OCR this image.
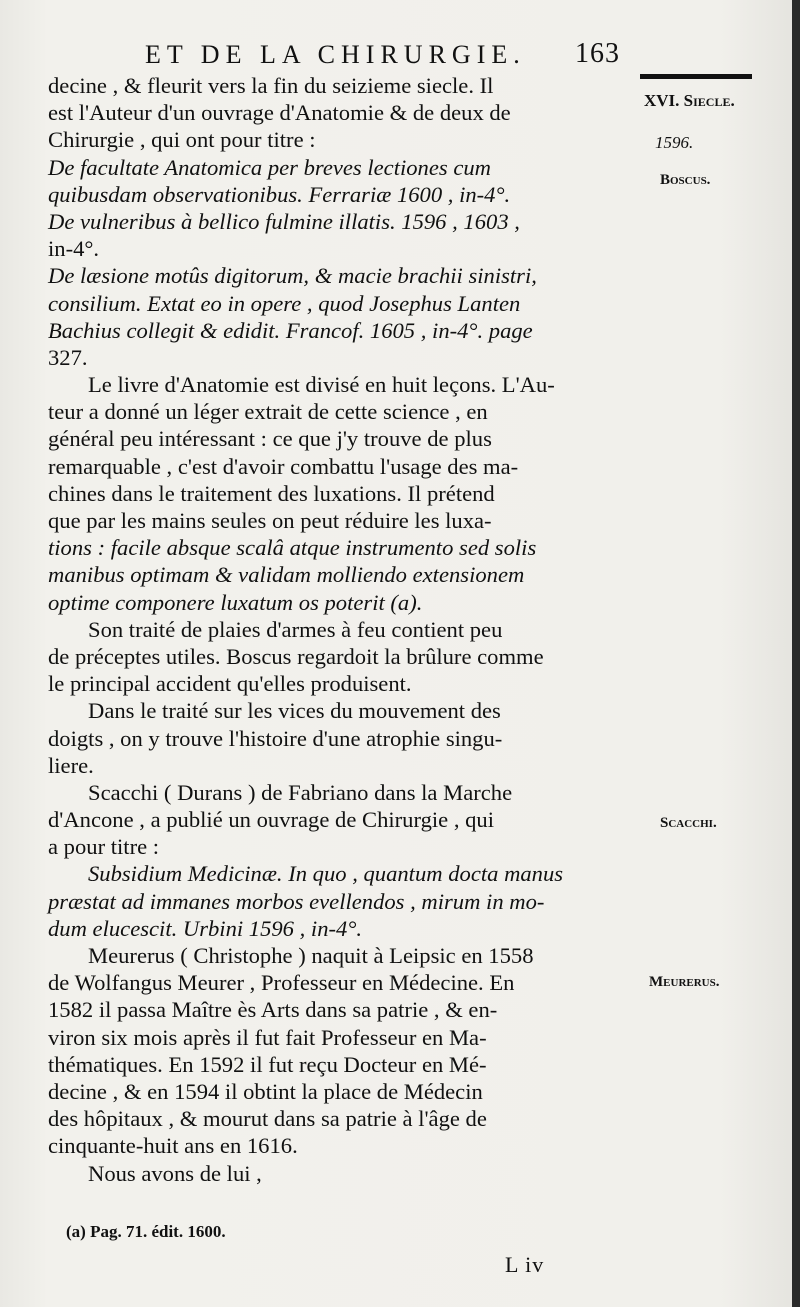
ET DE LA CHIRURGIE. 163
XVI. Siecle.
1596.
Boscus.
Scacchi.
Meurerus.
decine , & fleurit vers la fin du seizieme siecle. Il
est l'Auteur d'un ouvrage d'Anatomie & de deux de
Chirurgie , qui ont pour titre :
De facultate Anatomica per breves lectiones cum
quibusdam observationibus. Ferrariæ 1600 , in-4°.
De vulneribus à bellico fulmine illatis. 1596 , 1603 ,
in-4°.
De læsione motûs digitorum, & macie brachii sinistri,
consilium. Extat eo in opere , quod Josephus Lanten
Bachius collegit & edidit. Francof. 1605 , in-4°. page
327.
Le livre d'Anatomie est divisé en huit leçons. L'Au-
teur a donné un léger extrait de cette science , en
général peu intéressant : ce que j'y trouve de plus
remarquable , c'est d'avoir combattu l'usage des ma-
chines dans le traitement des luxations. Il prétend
que par les mains seules on peut réduire les luxa-
tions : facile absque scalâ atque instrumento sed solis
manibus optimam & validam molliendo extensionem
optime componere luxatum os poterit (a).
Son traité de plaies d'armes à feu contient peu
de préceptes utiles. Boscus regardoit la brûlure comme
le principal accident qu'elles produisent.
Dans le traité sur les vices du mouvement des
doigts , on y trouve l'histoire d'une atrophie singu-
liere.
Scacchi ( Durans ) de Fabriano dans la Marche
d'Ancone , a publié un ouvrage de Chirurgie , qui
a pour titre :
Subsidium Medicinæ. In quo , quantum docta manus
præstat ad immanes morbos evellendos , mirum in mo-
dum elucescit. Urbini 1596 , in-4°.
Meurerus ( Christophe ) naquit à Leipsic en 1558
de Wolfangus Meurer , Professeur en Médecine. En
1582 il passa Maître ès Arts dans sa patrie , & en-
viron six mois après il fut fait Professeur en Ma-
thématiques. En 1592 il fut reçu Docteur en Mé-
decine , & en 1594 il obtint la place de Médecin
des hôpitaux , & mourut dans sa patrie à l'âge de
cinquante-huit ans en 1616.
Nous avons de lui ,
(a) Pag. 71. édit. 1600.
L iv
